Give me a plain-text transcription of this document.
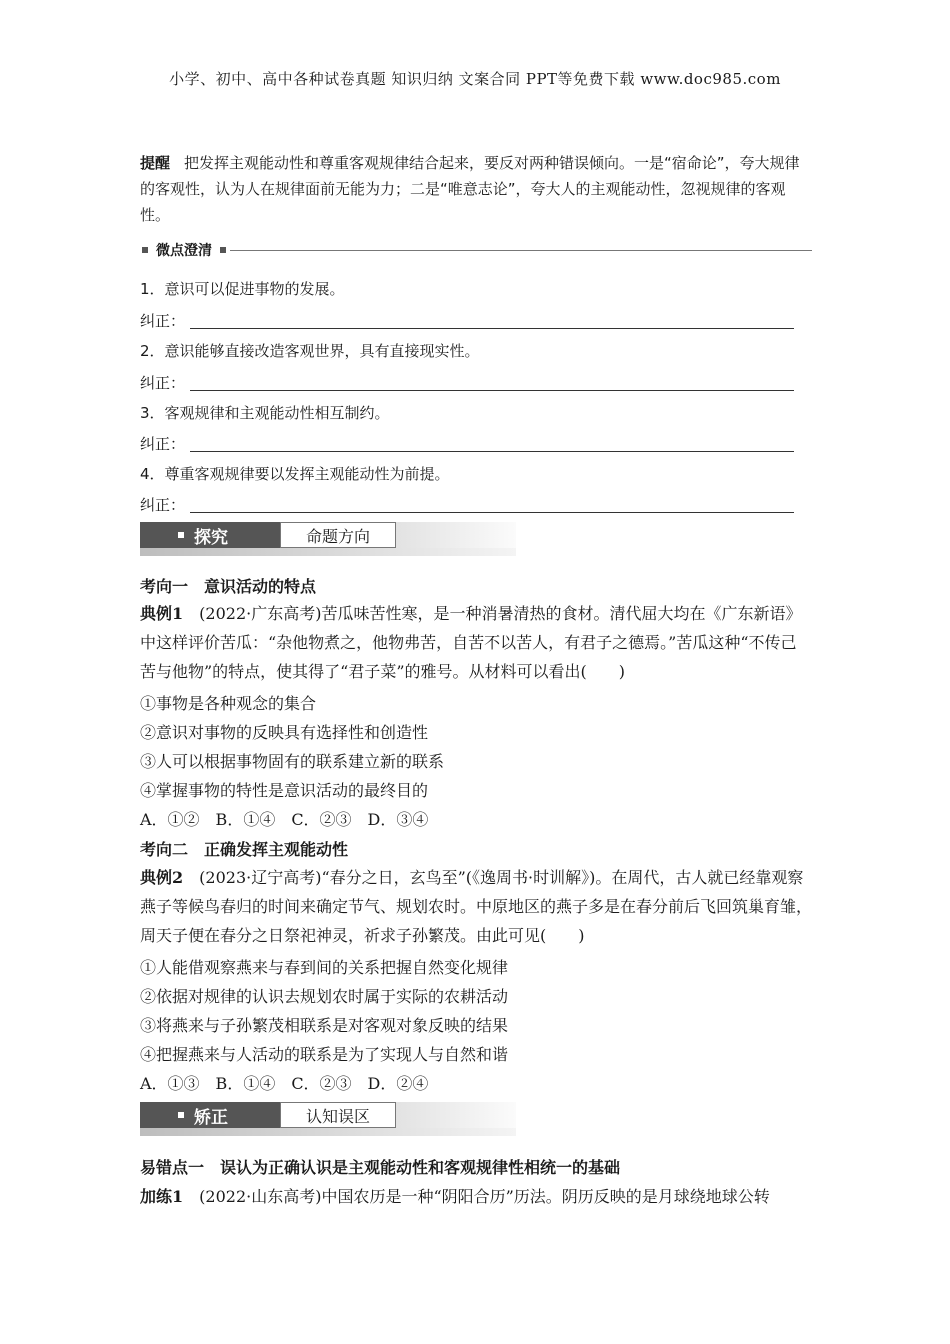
小学、初中、高中各种试卷真题 知识归纳 文案合同 PPT等免费下载 www.doc985.com
提醒 把发挥主观能动性和尊重客观规律结合起来，要反对两种错误倾向。一是“宿命论”，夸大规律的客观性，认为人在规律面前无能为力；二是“唯意志论”，夸大人的主观能动性，忽视规律的客观性。
微点澄清
1．意识可以促进事物的发展。
纠正：
2．意识能够直接改造客观世界，具有直接现实性。
纠正：
3．客观规律和主观能动性相互制约。
纠正：
4．尊重客观规律要以发挥主观能动性为前提。
纠正：
探究	命题方向
考向一　意识活动的特点
典例1　 (2022·广东高考)苦瓜味苦性寒，是一种消暑清热的食材。清代屈大均在《广东新语》中这样评价苦瓜：“杂他物煮之，他物弗苦，自苦不以苦人，有君子之德焉。”苦瓜这种“不传己苦与他物”的特点，使其得了“君子菜”的雅号。从材料可以看出(　　)
①事物是各种观念的集合
②意识对事物的反映具有选择性和创造性
③人可以根据事物固有的联系建立新的联系
④掌握事物的特性是意识活动的最终目的
A．①②　B．①④　C．②③　D．③④
考向二　正确发挥主观能动性
典例2　 (2023·辽宁高考)“春分之日，玄鸟至”(《逸周书·时训解》)。在周代，古人就已经靠观察燕子等候鸟春归的时间来确定节气、规划农时。中原地区的燕子多是在春分前后飞回筑巢育雏，周天子便在春分之日祭祀神灵，祈求子孙繁茂。由此可见(　　)
①人能借观察燕来与春到间的关系把握自然变化规律
②依据对规律的认识去规划农时属于实际的农耕活动
③将燕来与子孙繁茂相联系是对客观对象反映的结果
④把握燕来与人活动的联系是为了实现人与自然和谐
A．①③　B．①④　C．②③　D．②④
矫正	认知误区
易错点一　误认为正确认识是主观能动性和客观规律性相统一的基础
加练1　 (2022·山东高考)中国农历是一种“阴阳合历”历法。阴历反映的是月球绕地球公转
